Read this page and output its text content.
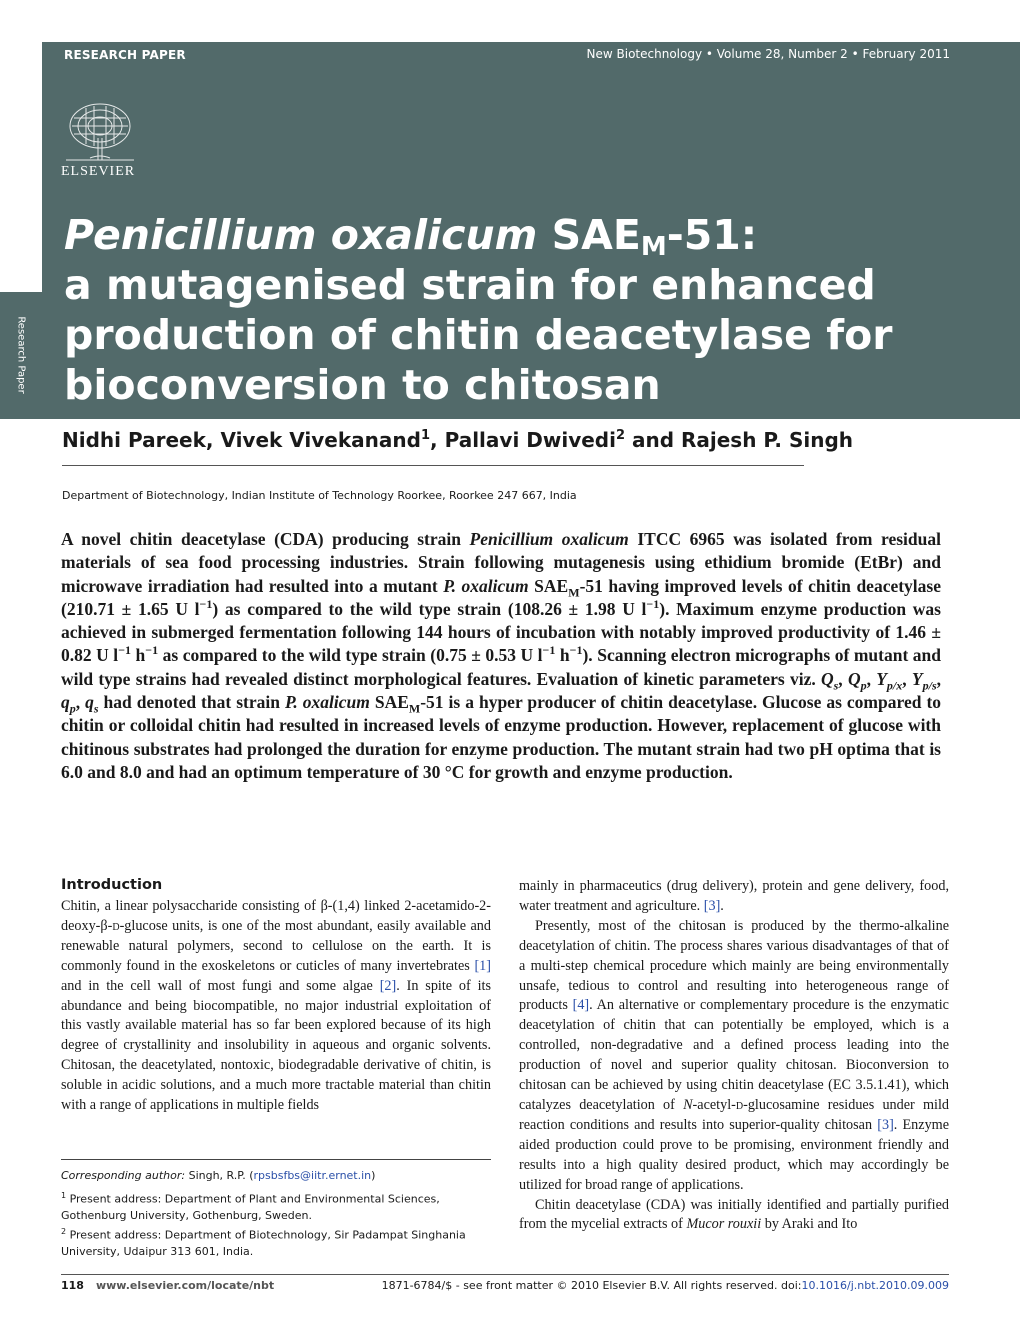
Research Paper
RESEARCH PAPER	New Biotechnology • Volume 28, Number 2 • February 2011
ELSEVIER
Penicillium oxalicum $SAE_M-51$:
a mutagenised strain for enhanced
production of chitin deacetylase for
bioconversion to chitosan
Nidhi Pareek, Vivek Vivekanand$^1$, Pallavi Dwivedi$^2$ and Rajesh P. Singh
Department of Biotechnology, Indian Institute of Technology Roorkee, Roorkee 247 667, India
A novel chitin deacetylase (CDA) producing strain Penicillium oxalicum ITCC 6965 was isolated from residual materials of sea food processing industries. Strain following mutagenesis using ethidium bromide (EtBr) and microwave irradiation had resulted into a mutant P. oxalicum $SAE_M-51$ having improved levels of chitin deacetylase (210.71 ± 1.65 U $l^{-1}$) as compared to the wild type strain (108.26 ± 1.98 U $l^{-1}$). Maximum enzyme production was achieved in submerged fermentation following 144 hours of incubation with notably improved productivity of 1.46 ± 0.82 U $l^{-1}$ $h^{-1}$ as compared to the wild type strain (0.75 ± 0.53 U $l^{-1}$ $h^{-1}$). Scanning electron micrographs of mutant and wild type strains had revealed distinct morphological features. Evaluation of kinetic parameters viz. $Q_s$, $Q_p$, $Y_{p/x}$, $Y_{p/s}$, $q_p$, $q_s$ had denoted that strain P. oxalicum $SAE_M-51$ is a hyper producer of chitin deacetylase. Glucose as compared to chitin or colloidal chitin had resulted in increased levels of enzyme production. However, replacement of glucose with chitinous substrates had prolonged the duration for enzyme production. The mutant strain had two pH optima that is 6.0 and 8.0 and had an optimum temperature of 30 °C for growth and enzyme production.
Introduction

Chitin, a linear polysaccharide consisting of β-(1,4) linked 2-acetamido-2-deoxy-β-d-glucose units, is one of the most abundant, easily available and renewable natural polymers, second to cellulose on the earth. It is commonly found in the exoskeletons or cuticles of many invertebrates [1] and in the cell wall of most fungi and some algae [2]. In spite of its abundance and being biocompatible, no major industrial exploitation of this vastly available material has so far been explored because of its high degree of crystallinity and insolubility in aqueous and organic solvents. Chitosan, the deacetylated, nontoxic, biodegradable derivative of chitin, is soluble in acidic solutions, and a much more tractable material than chitin with a range of applications in multiple fields

mainly in pharmaceutics (drug delivery), protein and gene delivery, food, water treatment and agriculture. [3].

Presently, most of the chitosan is produced by the thermo-alkaline deacetylation of chitin. The process shares various disadvantages of that of a multi-step chemical procedure which mainly are being environmentally unsafe, tedious to control and resulting into heterogeneous range of products [4]. An alternative or complementary procedure is the enzymatic deacetylation of chitin that can potentially be employed, which is a controlled, non-degradative and a defined process leading into the production of novel and superior quality chitosan. Bioconversion to chitosan can be achieved by using chitin deacetylase (EC 3.5.1.41), which catalyzes deacetylation of N-acetyl-d-glucosamine residues under mild reaction conditions and results into superior-quality chitosan [3]. Enzyme aided production could prove to be promising, environment friendly and results into a high quality desired product, which may accordingly be utilized for broad range of applications.

Chitin deacetylase (CDA) was initially identified and partially purified from the mycelial extracts of Mucor rouxii by Araki and Ito

Corresponding author: Singh, R.P. (rpsbsfbs@iitr.ernet.in)
$^1$ Present address: Department of Plant and Environmental Sciences, Gothenburg University, Gothenburg, Sweden.
$^2$ Present address: Department of Biotechnology, Sir Padampat Singhania University, Udaipur 313 601, India.
118 www.elsevier.com/locate/nbt	1871-6784/$ - see front matter © 2010 Elsevier B.V. All rights reserved. doi:10.1016/j.nbt.2010.09.009
